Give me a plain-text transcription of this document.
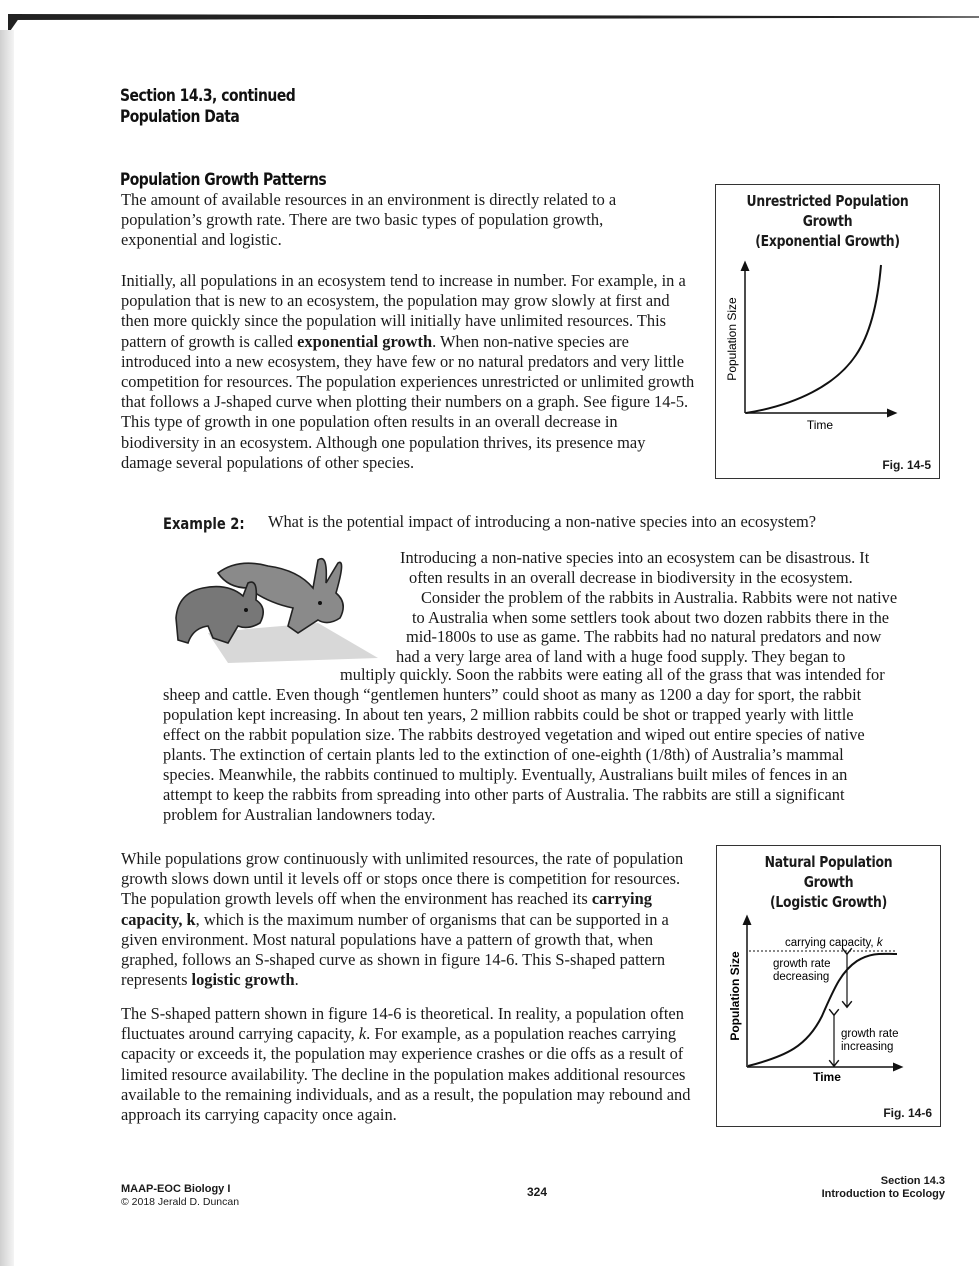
Section 14.3, continued
Population Data
Population Growth Patterns

The amount of available resources in an environment is directly related to a population’s growth rate. There are two basic types of population growth, exponential and logistic.

Initially, all populations in an ecosystem tend to increase in number. For example, in a population that is new to an ecosystem, the population may grow slowly at first and then more quickly since the population will initially have unlimited resources. This pattern of growth is called exponential growth. When non-native species are introduced into a new ecosystem, they have few or no natural predators and very little competition for resources. The population experiences unrestricted or unlimited growth that follows a J-shaped curve when plotting their numbers on a graph. See figure 14-5. This type of growth in one population often results in an overall decrease in biodiversity in an ecosystem. Although one population thrives, its presence may damage several populations of other species.

Unrestricted Population Growth
(Exponential Growth)
Population Size
Time
Fig. 14-5
Example 2: What is the potential impact of introducing a non-native species into an ecosystem?
Introducing a non-native species into an ecosystem can be disastrous. It
often results in an overall decrease in biodiversity in the ecosystem.
Consider the problem of the rabbits in Australia. Rabbits were not native
to Australia when some settlers took about two dozen rabbits there in the
mid-1800s to use as game. The rabbits had no natural predators and now
had a very large area of land with a huge food supply. They began to
multiply quickly. Soon the rabbits were eating all of the grass that was intended for
sheep and cattle. Even though “gentlemen hunters” could shoot as many as 1200 a day for sport, the rabbit
population kept increasing. In about ten years, 2 million rabbits could be shot or trapped yearly with little
effect on the rabbit population size. The rabbits destroyed vegetation and wiped out entire species of native
plants. The extinction of certain plants led to the extinction of one-eighth (1/8th) of Australia’s mammal
species. Meanwhile, the rabbits continued to multiply. Eventually, Australians built miles of fences in an
attempt to keep the rabbits from spreading into other parts of Australia. The rabbits are still a significant
problem for Australian landowners today.

While populations grow continuously with unlimited resources, the rate of population growth slows down until it levels off or stops once there is competition for resources. The population growth levels off when the environment has reached its carrying capacity, k, which is the maximum number of organisms that can be supported in a given environment. Most natural populations have a pattern of growth that, when graphed, follows an S-shaped curve as shown in figure 14-6. This S-shaped pattern represents logistic growth.

The S-shaped pattern shown in figure 14-6 is theoretical. In reality, a population often fluctuates around carrying capacity, k. For example, as a population reaches carrying capacity or exceeds it, the population may experience crashes or die offs as a result of limited resource availability. The decline in the population makes additional resources available to the remaining individuals, and as a result, the population may rebound and approach its carrying capacity once again.

Natural Population Growth
(Logistic Growth)
Population Size
Time
carrying capacity, k
growth rate
decreasing
growth rate
increasing
Fig. 14-6
MAAP-EOC Biology I
© 2018 Jerald D. Duncan
324
Section 14.3
Introduction to Ecology
